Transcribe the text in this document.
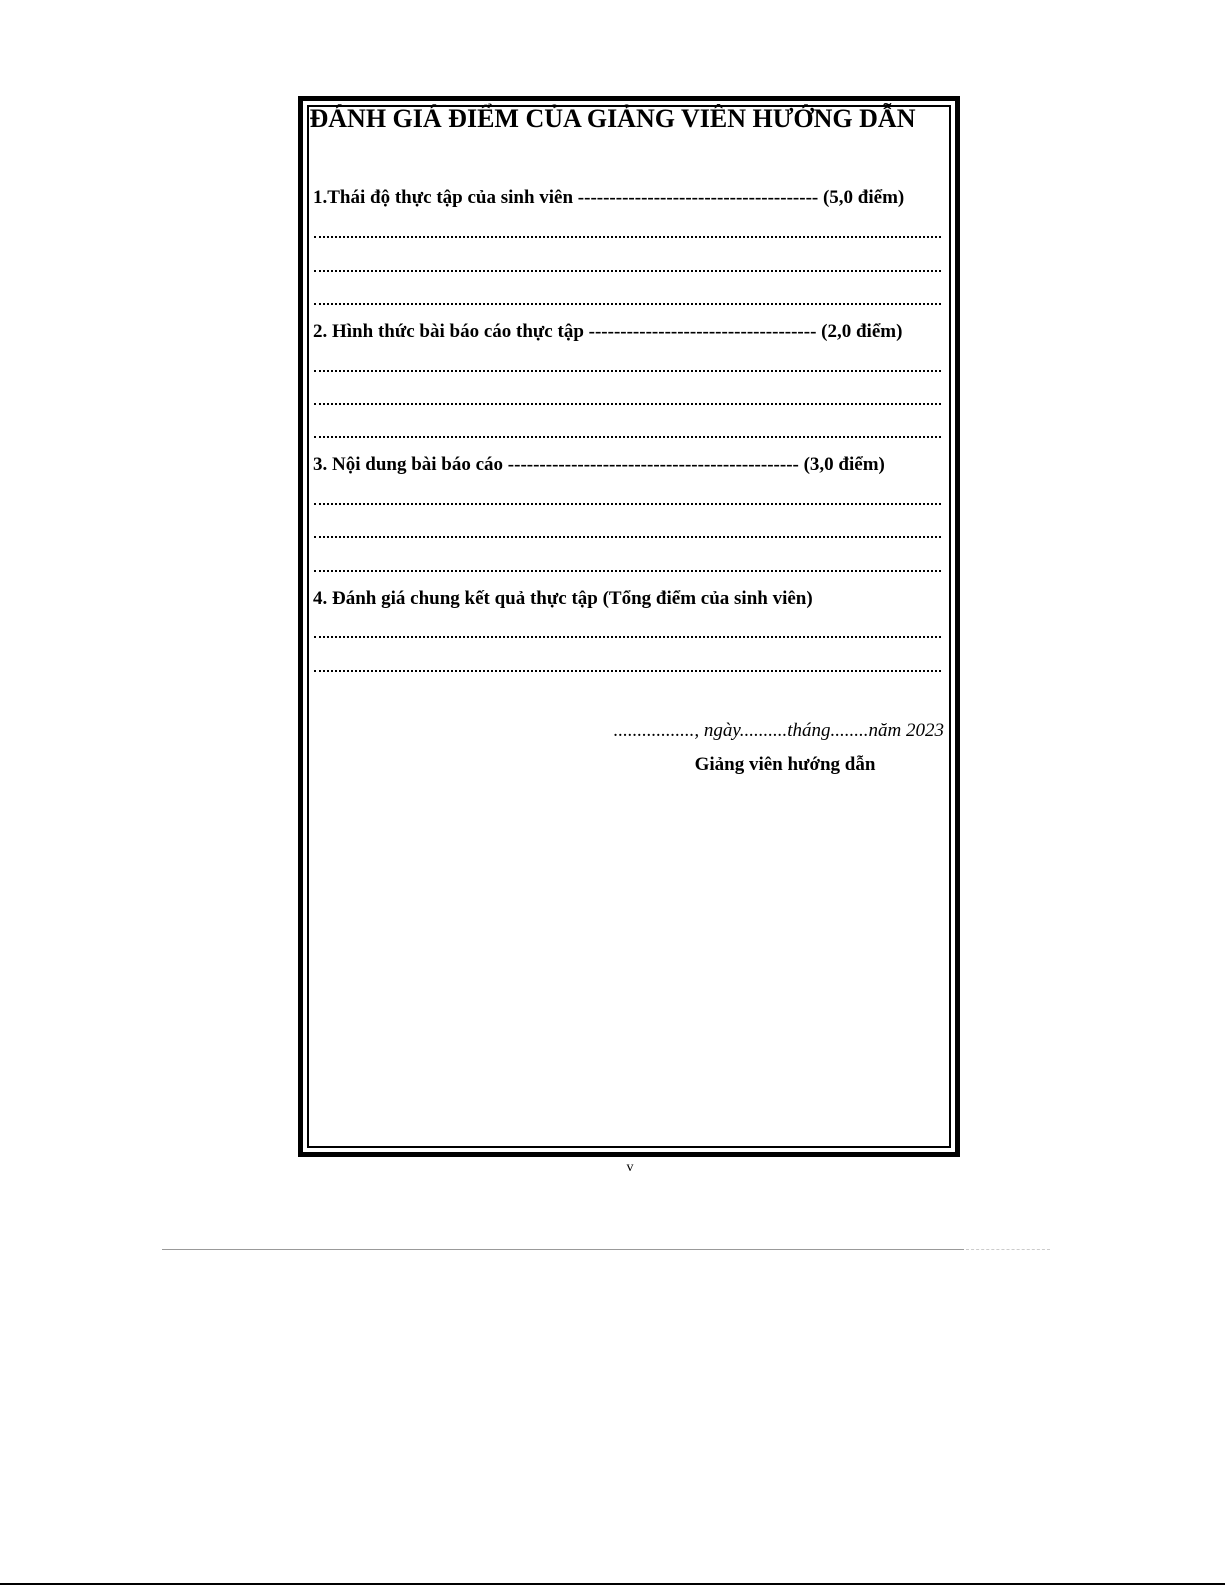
ĐÁNH GIÁ ĐIỂM CỦA GIẢNG VIÊN HƯỚNG DẪN
1.Thái độ thực tập của sinh viên -------------------------------------- (5,0 điểm)
2. Hình thức bài báo cáo thực tập ------------------------------------ (2,0 điểm)
3. Nội dung bài báo cáo ---------------------------------------------- (3,0 điểm)
4. Đánh giá chung kết quả thực tập (Tổng điểm của sinh viên)
................., ngày..........tháng........năm 2023
Giảng viên hướng dẫn
v
